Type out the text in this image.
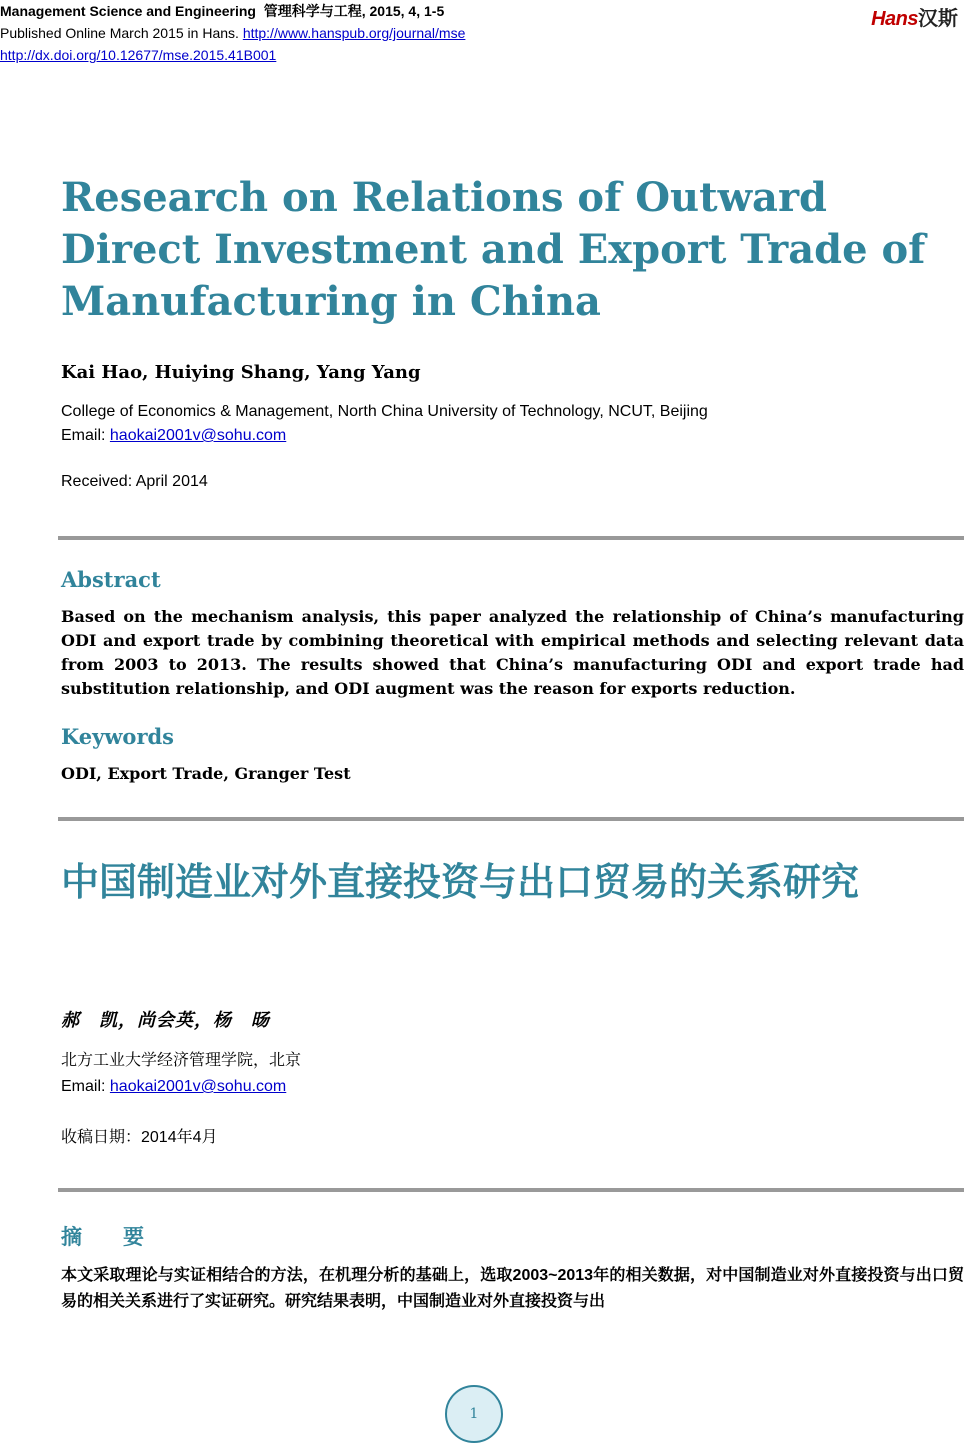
Management Science and Engineering 管理科学与工程, 2015, 4, 1-5
Published Online March 2015 in Hans. http://www.hanspub.org/journal/mse
http://dx.doi.org/10.12677/mse.2015.41B001
Hans汉斯
Research on Relations of Outward Direct Investment and Export Trade of Manufacturing in China
Kai Hao, Huiying Shang, Yang Yang
College of Economics & Management, North China University of Technology, NCUT, Beijing
Email: haokai2001v@sohu.com
Received: April 2014
Abstract
Based on the mechanism analysis, this paper analyzed the relationship of China’s manufacturing ODI and export trade by combining theoretical with empirical methods and selecting relevant data from 2003 to 2013. The results showed that China’s manufacturing ODI and export trade had substitution relationship, and ODI augment was the reason for exports reduction.
Keywords
ODI, Export Trade, Granger Test
中国制造业对外直接投资与出口贸易的关系研究
郝　凯，尚会英，杨　旸
北方工业大学经济管理学院，北京
Email: haokai2001v@sohu.com
收稿日期：2014年4月
摘　要
本文采取理论与实证相结合的方法，在机理分析的基础上，选取2003~2013年的相关数据，对中国制造业对外直接投资与出口贸易的相关关系进行了实证研究。研究结果表明，中国制造业对外直接投资与出
1
